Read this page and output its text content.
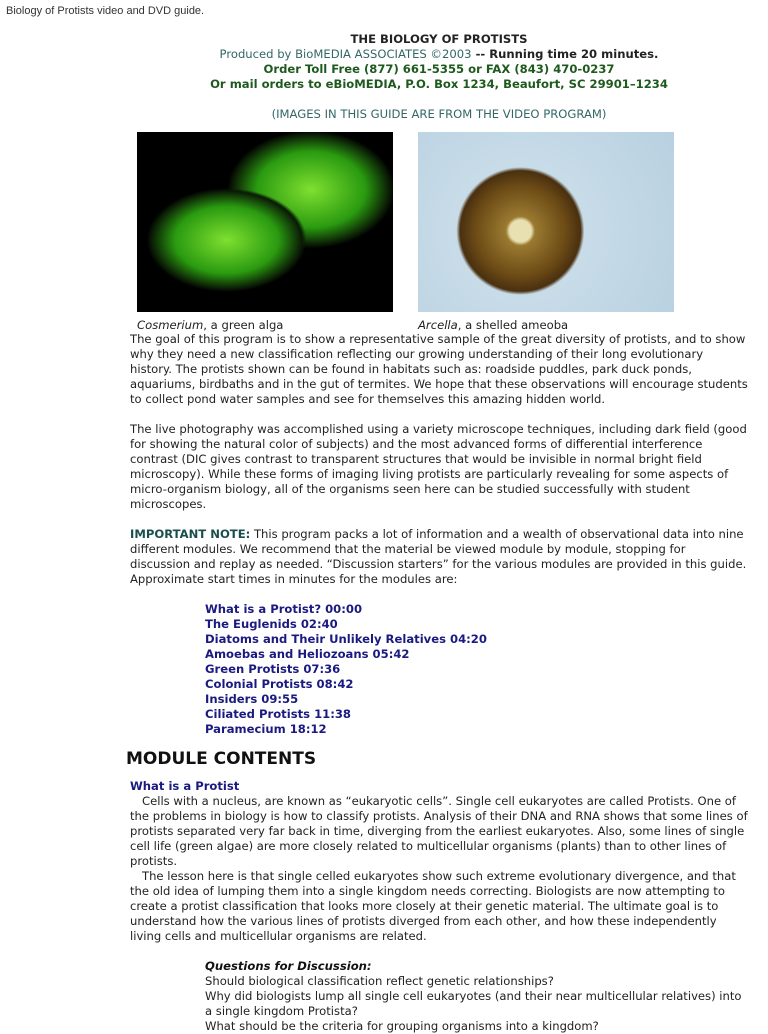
Biology of Protists video and DVD guide.
THE BIOLOGY OF PROTISTS
Produced by BioMEDIA ASSOCIATES ©2003 -- Running time 20 minutes.
Order Toll Free (877) 661-5355 or FAX (843) 470-0237
Or mail orders to eBioMEDIA, P.O. Box 1234, Beaufort, SC 29901–1234
(IMAGES IN THIS GUIDE ARE FROM THE VIDEO PROGRAM)
Cosmerium, a green alga	Arcella, a shelled ameoba

The goal of this program is to show a representative sample of the great diversity of protists, and to show why they need a new classification reflecting our growing understanding of their long evolutionary history. The protists shown can be found in habitats such as: roadside puddles, park duck ponds, aquariums, birdbaths and in the gut of termites. We hope that these observations will encourage students to collect pond water samples and see for themselves this amazing hidden world.

The live photography was accomplished using a variety microscope techniques, including dark field (good for showing the natural color of subjects) and the most advanced forms of differential interference contrast (DIC gives contrast to transparent structures that would be invisible in normal bright field microscopy). While these forms of imaging living protists are particularly revealing for some aspects of micro-organism biology, all of the organisms seen here can be studied successfully with student microscopes.

IMPORTANT NOTE: This program packs a lot of information and a wealth of observational data into nine different modules. We recommend that the material be viewed module by module, stopping for discussion and replay as needed. “Discussion starters” for the various modules are provided in this guide. Approximate start times in minutes for the modules are:

What is a Protist? 00:00
The Euglenids 02:40
Diatoms and Their Unlikely Relatives 04:20
Amoebas and Heliozoans 05:42
Green Protists 07:36
Colonial Protists 08:42
Insiders 09:55
Ciliated Protists 11:38
Paramecium 18:12
MODULE CONTENTS
What is a Protist
Cells with a nucleus, are known as “eukaryotic cells”. Single cell eukaryotes are called Protists. One of the problems in biology is how to classify protists. Analysis of their DNA and RNA shows that some lines of protists separated very far back in time, diverging from the earliest eukaryotes. Also, some lines of single cell life (green algae) are more closely related to multicellular organisms (plants) than to other lines of protists.
The lesson here is that single celled eukaryotes show such extreme evolutionary divergence, and that the old idea of lumping them into a single kingdom needs correcting. Biologists are now attempting to create a protist classification that looks more closely at their genetic material. The ultimate goal is to understand how the various lines of protists diverged from each other, and how these independently living cells and multicellular organisms are related.
Questions for Discussion:
Should biological classification reflect genetic relationships?
Why did biologists lump all single cell eukaryotes (and their near multicellular relatives) into a single kingdom Protista?
What should be the criteria for grouping organisms into a kingdom?
